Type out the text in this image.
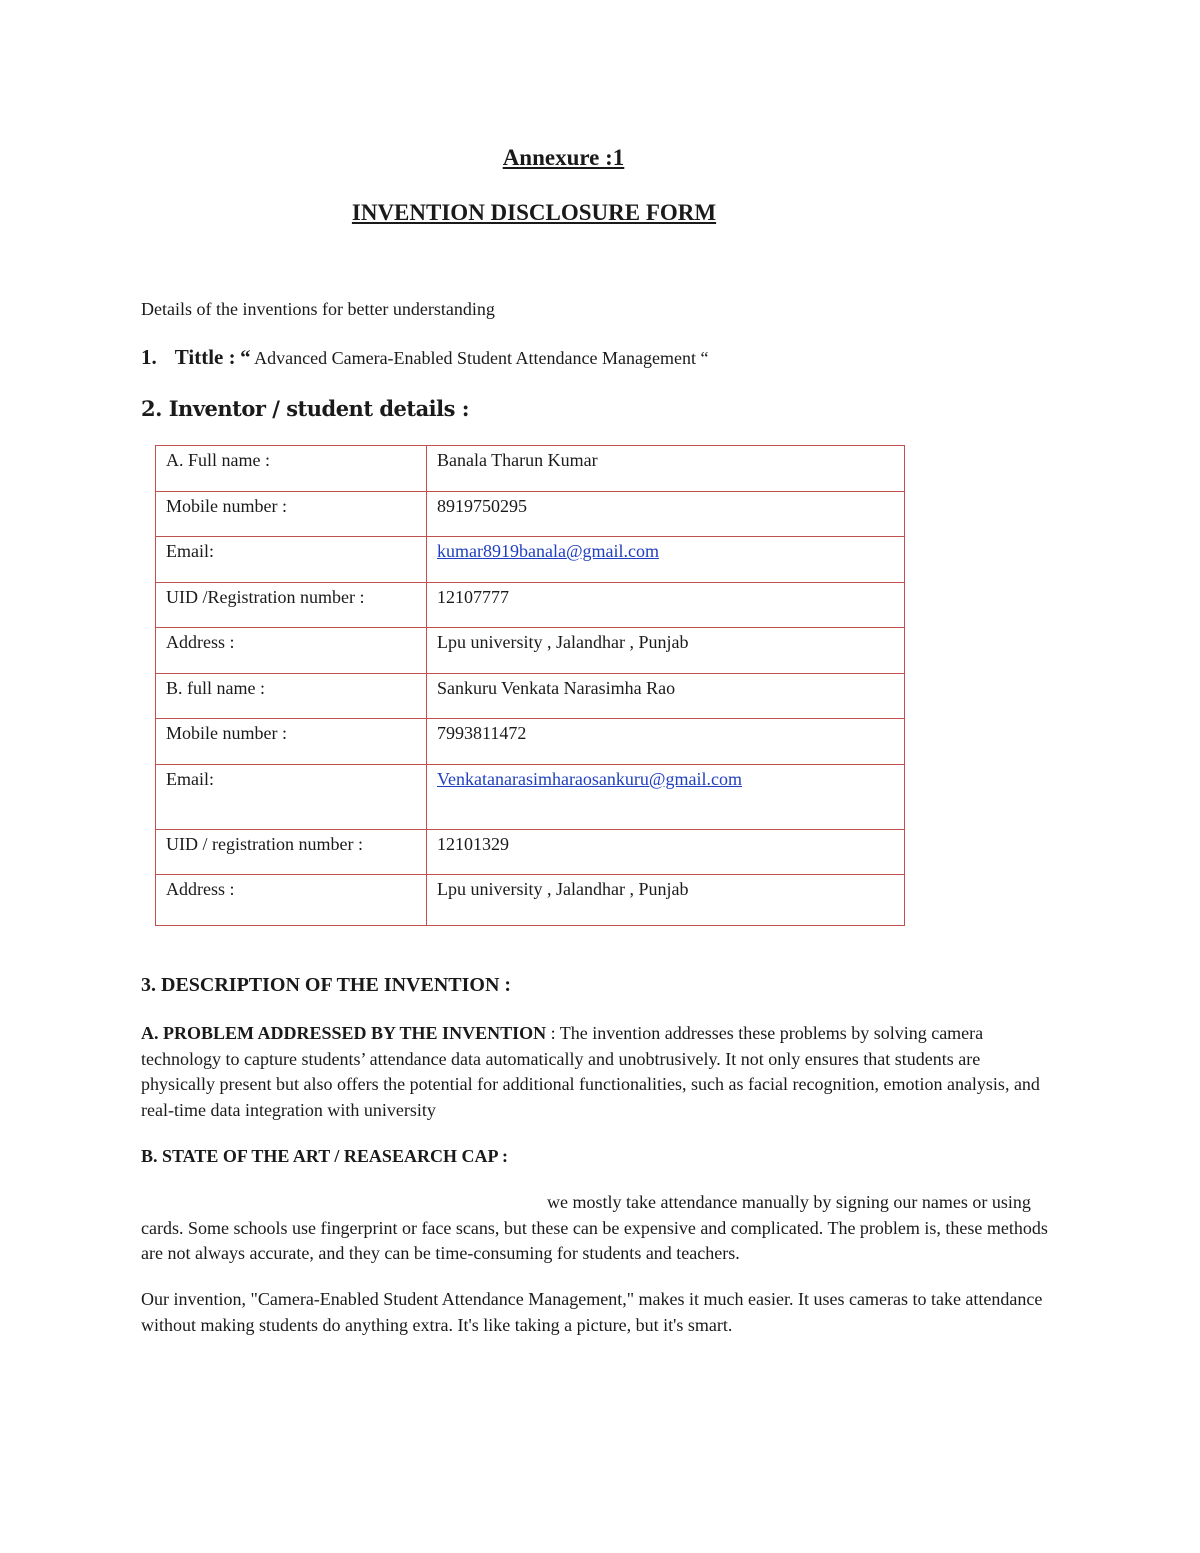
Annexure :1
INVENTION DISCLOSURE FORM
Details of the inventions for better understanding
1. Tittle : “ Advanced Camera-Enabled Student Attendance Management “
2. Inventor / student details :
A. Full name :	Banala Tharun Kumar
Mobile number :	8919750295
Email:	kumar8919banala@gmail.com
UID /Registration number :	12107777
Address :	Lpu university , Jalandhar , Punjab
B. full name :	Sankuru Venkata Narasimha Rao
Mobile number :	7993811472
Email:	Venkatanarasimharaosankuru@gmail.com
UID / registration number :	12101329
Address :	Lpu university , Jalandhar , Punjab
3. DESCRIPTION OF THE INVENTION :
A. PROBLEM ADDRESSED BY THE INVENTION : The invention addresses these problems by solving camera technology to capture students’ attendance data automatically and unobtrusively. It not only ensures that students are physically present but also offers the potential for additional functionalities, such as facial recognition, emotion analysis, and real-time data integration with university
B. STATE OF THE ART / REASEARCH CAP :
we mostly take attendance manually by signing our names or using cards. Some schools use fingerprint or face scans, but these can be expensive and complicated. The problem is, these methods are not always accurate, and they can be time-consuming for students and teachers.
Our invention, "Camera-Enabled Student Attendance Management," makes it much easier. It uses cameras to take attendance without making students do anything extra. It's like taking a picture, but it's smart.
